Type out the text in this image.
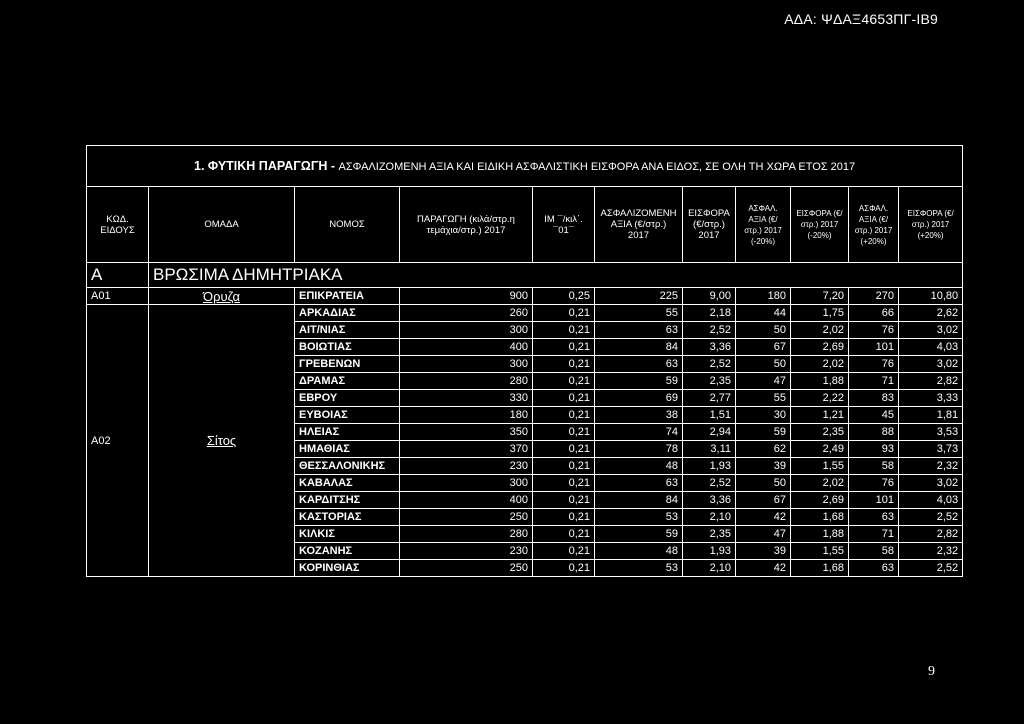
ΑΔΑ: ΨΔΑΞ4653ΠΓ-ΙΒ9
1. ΦΥΤΙΚΗ ΠΑΡΑΓΩΓΗ - ΑΣΦΑΛΙΖΟΜΕΝΗ ΑΞΙΑ ΚΑΙ ΕΙΔΙΚΗ ΑΣΦΑΛΙΣΤΙΚΗ ΕΙΣΦΟΡΑ ΑΝΑ ΕΙΔΟΣ, ΣΕ ΟΛΗ ΤΗ ΧΩΡΑ ΕΤΟΣ 2017										
ΚΩΔ. ΕΙΔΟΥΣ	ΟΜΑΔΑ	ΝΟΜΟΣ	ΠΑΡΑΓΩΓΗ (κιλά/στρ.η τεμάχια/στρ.) 2017	ΙΜ ¯/κιλ΄. ¯01¯	ΑΣΦΑΛΙΖΟΜΕΝΗ ΑΞΙΑ (€/στρ.) 2017	ΕΙΣΦΟΡΑ (€/στρ.) 2017	ΑΣΦΑΛ. ΑΞΙΑ (€/στρ.) 2017 (-20%)	ΕΙΣΦΟΡΑ (€/στρ.) 2017 (-20%)	ΑΣΦΑΛ. ΑΞΙΑ (€/στρ.) 2017 (+20%)	ΕΙΣΦΟΡΑ (€/στρ.) 2017 (+20%)
Α	ΒΡΩΣΙΜΑ ΔΗΜΗΤΡΙΑΚΑ									
Α01	Όρυζα	ΕΠΙΚΡΑΤΕΙΑ	900	0,25	225	9,00	180	7,20	270	10,80
Α02	Σίτος	ΑΡΚΑΔΙΑΣ	260	0,21	55	2,18	44	1,75	66	2,62
		ΑΙΤ/ΝΙΑΣ	300	0,21	63	2,52	50	2,02	76	3,02
		ΒΟΙΩΤΙΑΣ	400	0,21	84	3,36	67	2,69	101	4,03
		ΓΡΕΒΕΝΩΝ	300	0,21	63	2,52	50	2,02	76	3,02
		ΔΡΑΜΑΣ	280	0,21	59	2,35	47	1,88	71	2,82
		ΕΒΡΟΥ	330	0,21	69	2,77	55	2,22	83	3,33
		ΕΥΒΟΙΑΣ	180	0,21	38	1,51	30	1,21	45	1,81
		ΗΛΕΙΑΣ	350	0,21	74	2,94	59	2,35	88	3,53
		ΗΜΑΘΙΑΣ	370	0,21	78	3,11	62	2,49	93	3,73
		ΘΕΣΣΑΛΟΝΙΚΗΣ	230	0,21	48	1,93	39	1,55	58	2,32
		ΚΑΒΑΛΑΣ	300	0,21	63	2,52	50	2,02	76	3,02
		ΚΑΡΔΙΤΣΗΣ	400	0,21	84	3,36	67	2,69	101	4,03
		ΚΑΣΤΟΡΙΑΣ	250	0,21	53	2,10	42	1,68	63	2,52
		ΚΙΛΚΙΣ	280	0,21	59	2,35	47	1,88	71	2,82
		ΚΟΖΑΝΗΣ	230	0,21	48	1,93	39	1,55	58	2,32
		ΚΟΡΙΝΘΙΑΣ	250	0,21	53	2,10	42	1,68	63	2,52
9
